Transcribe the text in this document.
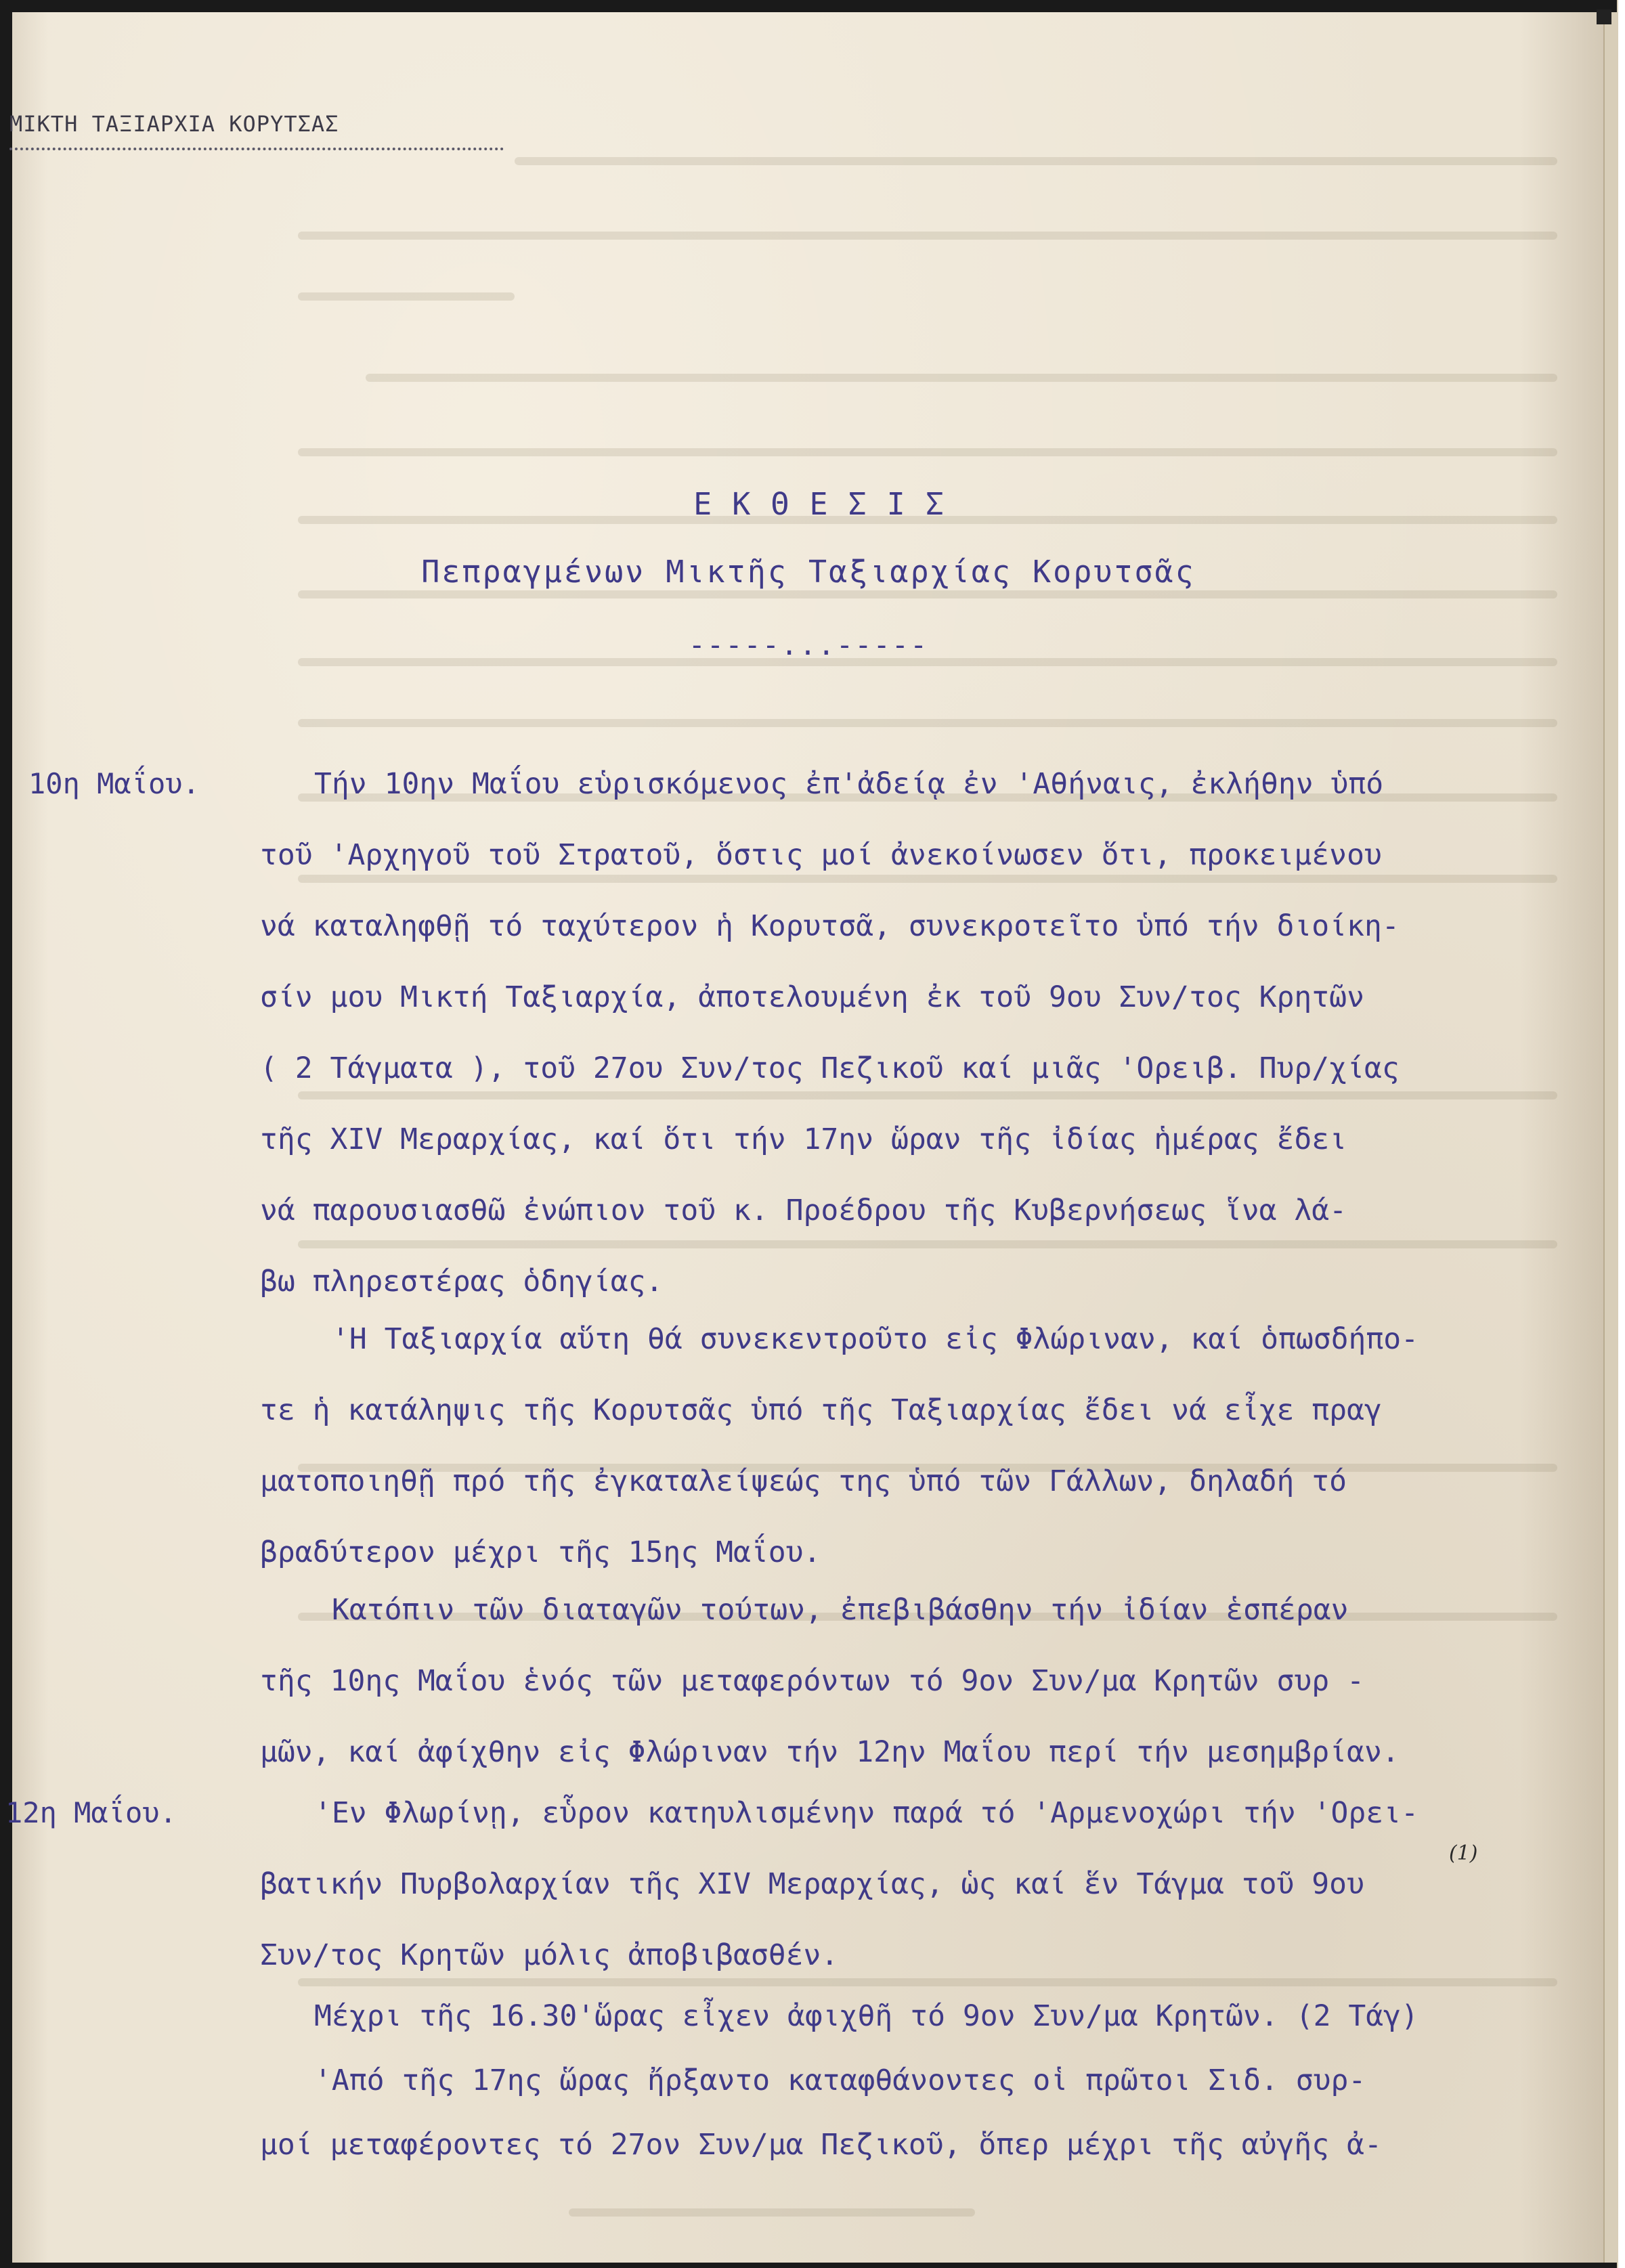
ΜΙΚΤΗ ΤΑΞΙΑΡΧΙΑ ΚΟΡΥΤΣΑΣ
ΕΚΘΕΣΙΣ
Πεπραγμένων Μικτῆς Ταξιαρχίας Κορυτσᾶς
-----...-----
10η Μαΐου.
12η Μαΐου.
Τήν 10ην Μαΐου εὑρισκόμενος ἐπ'ἀδείᾳ ἐν 'Αθήναις, ἐκλήθην ὑπό
τοῦ 'Αρχηγοῦ τοῦ Στρατοῦ, ὅστις μοί ἀνεκοίνωσεν ὅτι, προκειμένου
νά καταληφθῇ τό ταχύτερον ἡ Κορυτσᾶ, συνεκροτεῖτο ὑπό τήν διοίκη-
σίν μου Μικτή Ταξιαρχία, ἀποτελουμένη ἐκ τοῦ 9ου Συν/τος Κρητῶν
( 2 Τάγματα ), τοῦ 27ου Συν/τος Πεζικοῦ καί μιᾶς 'Ορειβ. Πυρ/χίας
τῆς XIV Μεραρχίας, καί ὅτι τήν 17ην ὥραν τῆς ἰδίας ἡμέρας ἔδει
νά παρουσιασθῶ ἐνώπιον τοῦ κ. Προέδρου τῆς Κυβερνήσεως ἵνα λά-
βω πληρεστέρας ὁδηγίας.
'Η Ταξιαρχία αὕτη θά συνεκεντροῦτο εἰς Φλώριναν, καί ὁπωσδήπο-
τε ἡ κατάληψις τῆς Κορυτσᾶς ὑπό τῆς Ταξιαρχίας ἔδει νά εἶχε πραγ
ματοποιηθῇ πρό τῆς ἐγκαταλείψεώς της ὑπό τῶν Γάλλων, δηλαδή τό
βραδύτερον μέχρι τῆς 15ης Μαΐου.
Κατόπιν τῶν διαταγῶν τούτων, ἐπεβιβάσθην τήν ἰδίαν ἑσπέραν
τῆς 10ης Μαΐου ἑνός τῶν μεταφερόντων τό 9ον Συν/μα Κρητῶν συρ -
μῶν, καί ἀφίχθην εἰς Φλώριναν τήν 12ην Μαΐου περί τήν μεσημβρίαν.
'Εν Φλωρίνῃ, εὗρον κατηυλισμένην παρά τό 'Αρμενοχώρι τήν 'Ορει-
βατικήν Πυρβολαρχίαν τῆς XIV Μεραρχίας, ὡς καί ἕν Τάγμα τοῦ 9ου
Συν/τος Κρητῶν μόλις ἀποβιβασθέν.
Μέχρι τῆς 16.30'ὥρας εἶχεν ἀφιχθῆ τό 9ον Συν/μα Κρητῶν. (2 Τάγ)
'Από τῆς 17ης ὥρας ἤρξαντο καταφθάνοντες οἱ πρῶτοι Σιδ. συρ-
μοί μεταφέροντες τό 27ον Συν/μα Πεζικοῦ, ὅπερ μέχρι τῆς αὐγῆς ἀ-
(1)
